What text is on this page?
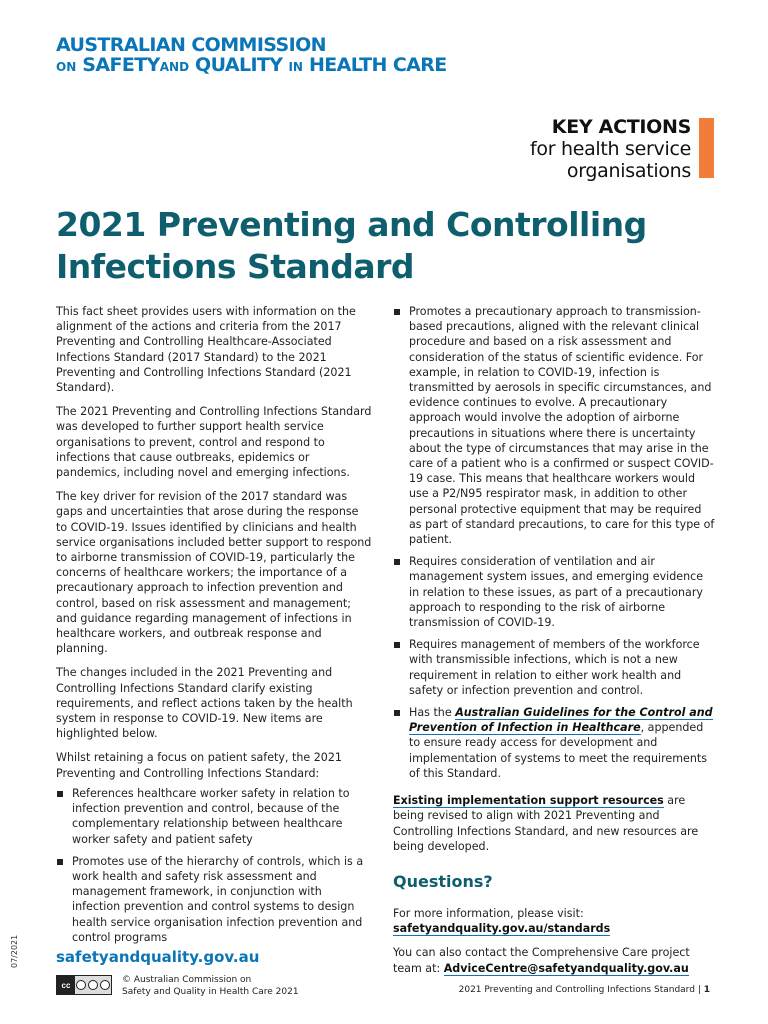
AUSTRALIAN COMMISSION
ON SAFETYAND QUALITY IN HEALTH CARE
KEY ACTIONS
for health service
organisations
2021 Preventing and Controlling
Infections Standard

This fact sheet provides users with information on the alignment of the actions and criteria from the 2017 Preventing and Controlling Healthcare-Associated Infections Standard (2017 Standard) to the 2021 Preventing and Controlling Infections Standard (2021 Standard).

The 2021 Preventing and Controlling Infections Standard was developed to further support health service organisations to prevent, control and respond to infections that cause outbreaks, epidemics or pandemics, including novel and emerging infections.

The key driver for revision of the 2017 standard was gaps and uncertainties that arose during the response to COVID-19. Issues identified by clinicians and health service organisations included better support to respond to airborne transmission of COVID-19, particularly the concerns of healthcare workers; the importance of a precautionary approach to infection prevention and control, based on risk assessment and management; and guidance regarding management of infections in healthcare workers, and outbreak response and planning.

The changes included in the 2021 Preventing and Controlling Infections Standard clarify existing requirements, and reflect actions taken by the health system in response to COVID-19. New items are highlighted below.

Whilst retaining a focus on patient safety, the 2021 Preventing and Controlling Infections Standard:

References healthcare worker safety in relation to infection prevention and control, because of the complementary relationship between healthcare worker safety and patient safety
Promotes use of the hierarchy of controls, which is a work health and safety risk assessment and management framework, in conjunction with infection prevention and control systems to design health service organisation infection prevention and control programs
Promotes a precautionary approach to transmission-based precautions, aligned with the relevant clinical procedure and based on a risk assessment and consideration of the status of scientific evidence. For example, in relation to COVID-19, infection is transmitted by aerosols in specific circumstances, and evidence continues to evolve. A precautionary approach would involve the adoption of airborne precautions in situations where there is uncertainty about the type of circumstances that may arise in the care of a patient who is a confirmed or suspect COVID-19 case. This means that healthcare workers would use a P2/N95 respirator mask, in addition to other personal protective equipment that may be required as part of standard precautions, to care for this type of patient.
Requires consideration of ventilation and air management system issues, and emerging evidence in relation to these issues, as part of a precautionary approach to responding to the risk of airborne transmission of COVID-19.
Requires management of members of the workforce with transmissible infections, which is not a new requirement in relation to either work health and safety or infection prevention and control.
Has the Australian Guidelines for the Control and Prevention of Infection in Healthcare, appended to ensure ready access for development and implementation of systems to meet the requirements of this Standard.

Existing implementation support resources are being revised to align with 2021 Preventing and Controlling Infections Standard, and new resources are being developed.

Questions?

For more information, please visit: safetyandquality.gov.au/standards

You can also contact the Comprehensive Care project team at: AdviceCentre@safetyandquality.gov.au

07/2021 safetyandquality.gov.au
cc	© Australian Commission on
Safety and Quality in Health Care 2021	2021 Preventing and Controlling Infections Standard | 1
